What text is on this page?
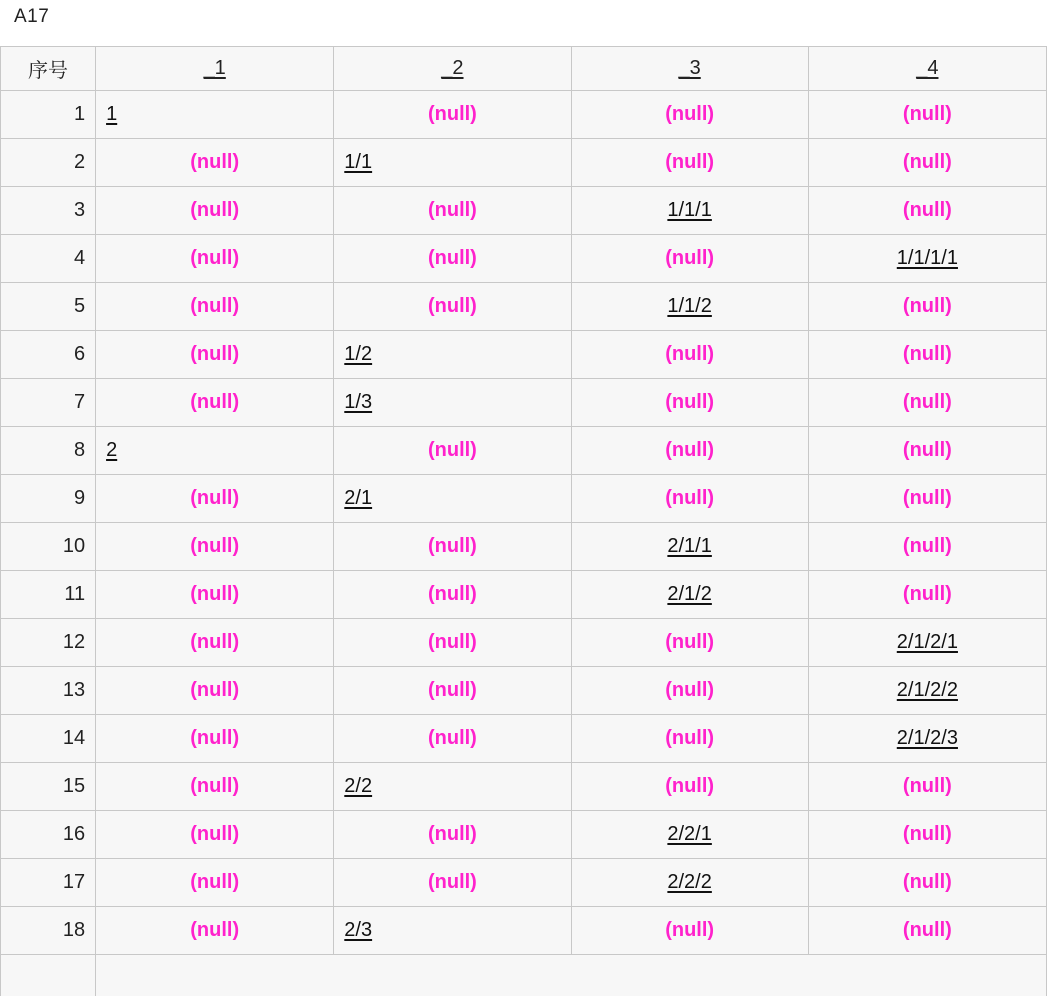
A17
序号	_1	_2	_3	_4
1	1	(null)	(null)	(null)
2	(null)	1/1	(null)	(null)
3	(null)	(null)	1/1/1	(null)
4	(null)	(null)	(null)	1/1/1/1
5	(null)	(null)	1/1/2	(null)
6	(null)	1/2	(null)	(null)
7	(null)	1/3	(null)	(null)
8	2	(null)	(null)	(null)
9	(null)	2/1	(null)	(null)
10	(null)	(null)	2/1/1	(null)
11	(null)	(null)	2/1/2	(null)
12	(null)	(null)	(null)	2/1/2/1
13	(null)	(null)	(null)	2/1/2/2
14	(null)	(null)	(null)	2/1/2/3
15	(null)	2/2	(null)	(null)
16	(null)	(null)	2/2/1	(null)
17	(null)	(null)	2/2/2	(null)
18	(null)	2/3	(null)	(null)
